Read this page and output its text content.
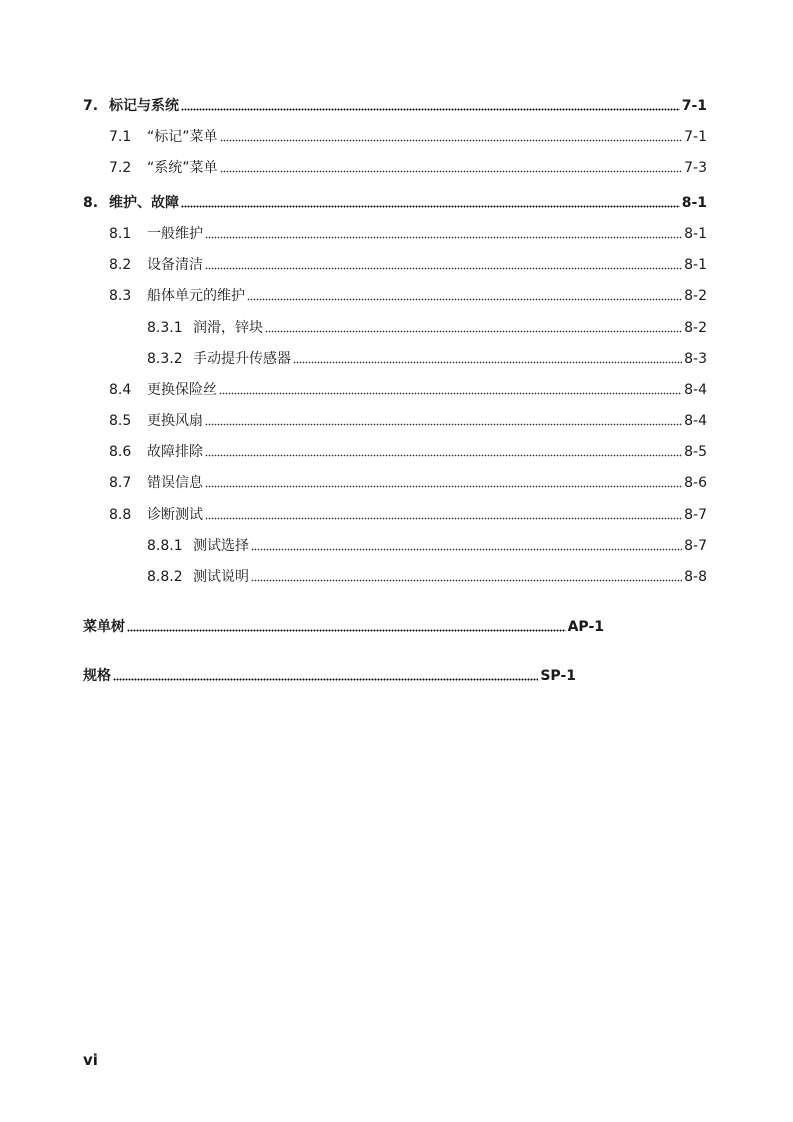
7. 标记与系统	7-1
7.1	“标记”菜单	7-1
7.2	“系统”菜单	7-3
8. 维护、故障	8-1
8.1	一般维护	8-1
8.2	设备清洁	8-1
8.3	船体单元的维护	8-2
8.3.1 润滑，锌块	8-2
8.3.2 手动提升传感器	8-3
8.4	更换保险丝	8-4
8.5	更换风扇	8-4
8.6	故障排除	8-5
8.7	错误信息	8-6
8.8	诊断测试	8-7
8.8.1 测试选择	8-7
8.8.2 测试说明	8-8
菜单树	AP-1
规格	SP-1
vi
